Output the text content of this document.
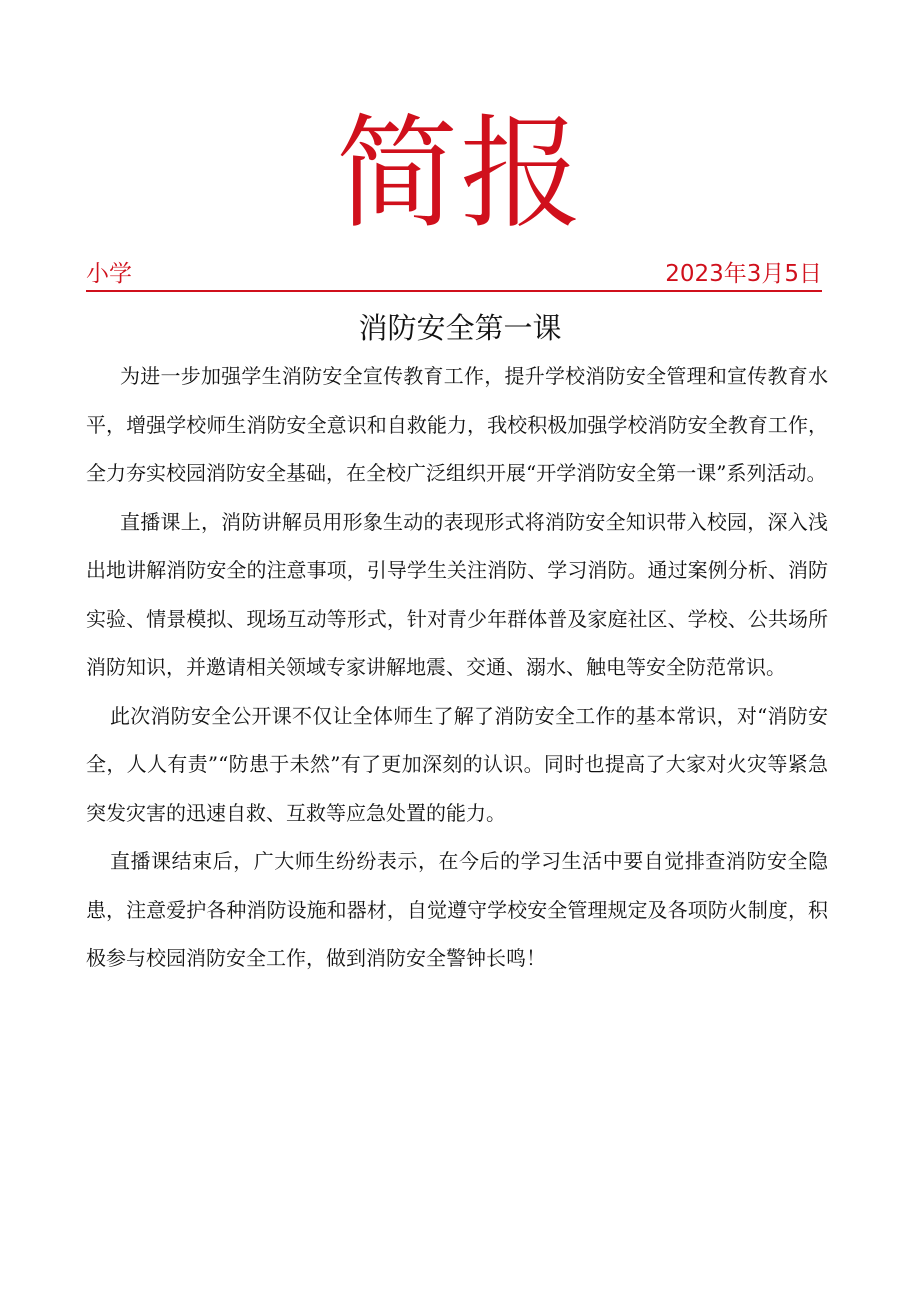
简报
小学	2023年3月5日
消防安全第一课

为进一步加强学生消防安全宣传教育工作，提升学校消防安全管理和宣传教育水平，增强学校师生消防安全意识和自救能力，我校积极加强学校消防安全教育工作，全力夯实校园消防安全基础，在全校广泛组织开展“开学消防安全第一课”系列活动。

直播课上，消防讲解员用形象生动的表现形式将消防安全知识带入校园，深入浅出地讲解消防安全的注意事项，引导学生关注消防、学习消防。通过案例分析、消防实验、情景模拟、现场互动等形式，针对青少年群体普及家庭社区、学校、公共场所消防知识，并邀请相关领域专家讲解地震、交通、溺水、触电等安全防范常识。

此次消防安全公开课不仅让全体师生了解了消防安全工作的基本常识，对“消防安全，人人有责”“防患于未然”有了更加深刻的认识。同时也提高了大家对火灾等紧急突发灾害的迅速自救、互救等应急处置的能力。

直播课结束后，广大师生纷纷表示，在今后的学习生活中要自觉排查消防安全隐患，注意爱护各种消防设施和器材，自觉遵守学校安全管理规定及各项防火制度，积极参与校园消防安全工作，做到消防安全警钟长鸣！
